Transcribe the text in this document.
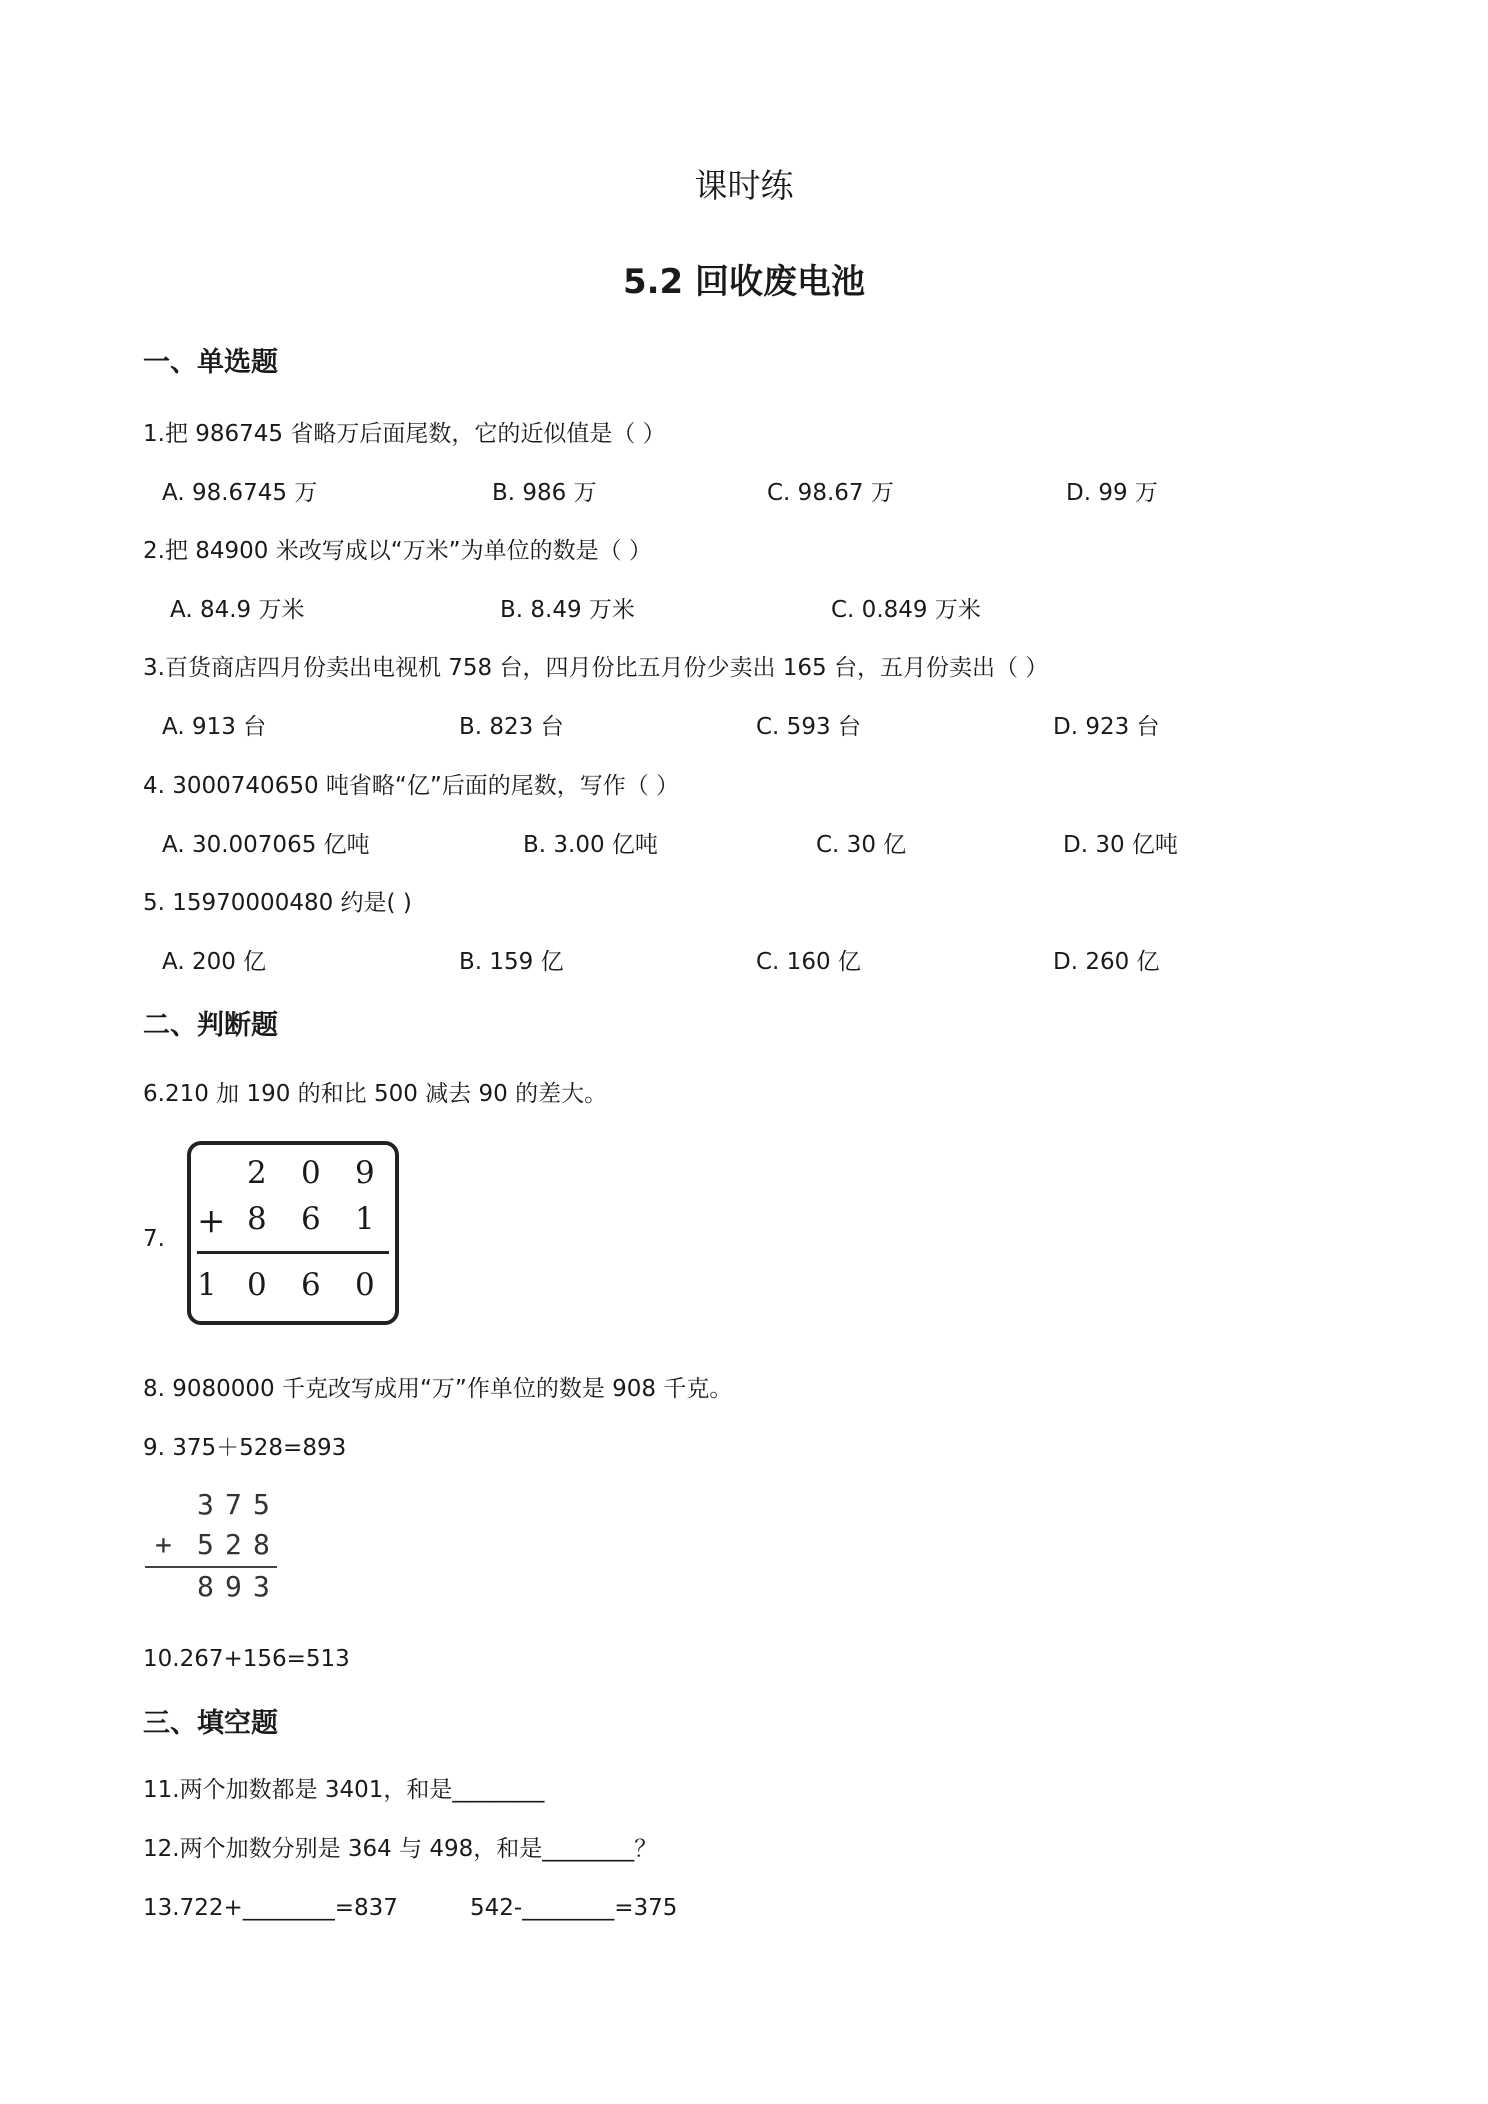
课时练
5.2 回收废电池
一、单选题
1.把 986745 省略万后面尾数，它的近似值是（ ）
A. 98.6745 万	B. 986 万	C. 98.67 万	D. 99 万
2.把 84900 米改写成以“万米”为单位的数是（ ）
A. 84.9 万米	B. 8.49 万米	C. 0.849 万米
3.百货商店四月份卖出电视机 758 台，四月份比五月份少卖出 165 台，五月份卖出（ ）
A. 913 台	B. 823 台	C. 593 台	D. 923 台
4. 3000740650 吨省略“亿”后面的尾数，写作（ ）
A. 30.007065 亿吨	B. 3.00 亿吨	C. 30 亿	D. 30 亿吨
5. 15970000480 约是( )
A. 200 亿	B. 159 亿	C. 160 亿	D. 260 亿
二、判断题
6.210 加 190 的和比 500 减去 90 的差大。
7.
2 0 9
+ 8 6 1
1 0 6 0
8. 9080000 千克改写成用“万”作单位的数是 908 千克。
9. 375＋528=893
3 7 5
+ 5 2 8
8 9 3
10.267+156=513
三、填空题
11.两个加数都是 3401，和是________
12.两个加数分别是 364 与 498，和是________？
13.722+________=837	542-________=375
